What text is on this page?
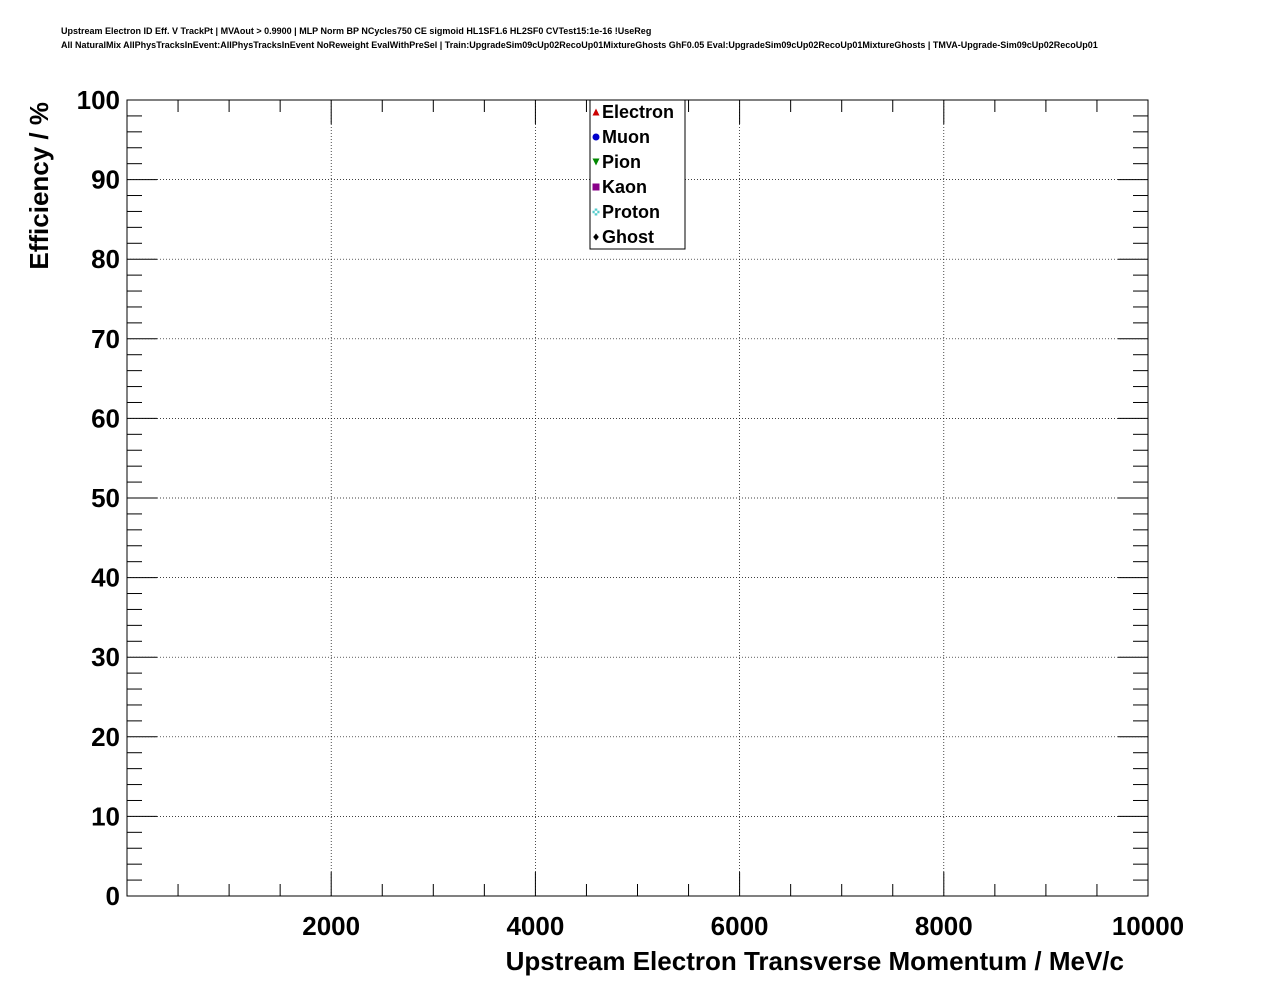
Upstream Electron ID Eff. V TrackPt | MVAout > 0.9900 | MLP Norm BP NCycles750 CE sigmoid HL1SF1.6 HL2SF0 CVTest15:1e-16 !UseReg
All NaturalMix AllPhysTracksInEvent:AllPhysTracksInEvent NoReweight EvalWithPreSel | Train:UpgradeSim09cUp02RecoUp01MixtureGhosts GhF0.05 Eval:UpgradeSim09cUp02RecoUp01MixtureGhosts | TMVA-Upgrade-Sim09cUp02RecoUp01
2000	4000	6000	8000	10000
0
10
20
30
40
50
60
70
80
90
100
Upstream Electron Transverse Momentum / MeV/c
Efficiency / %	Electron
Muon
Pion
Kaon
Proton
Ghost
